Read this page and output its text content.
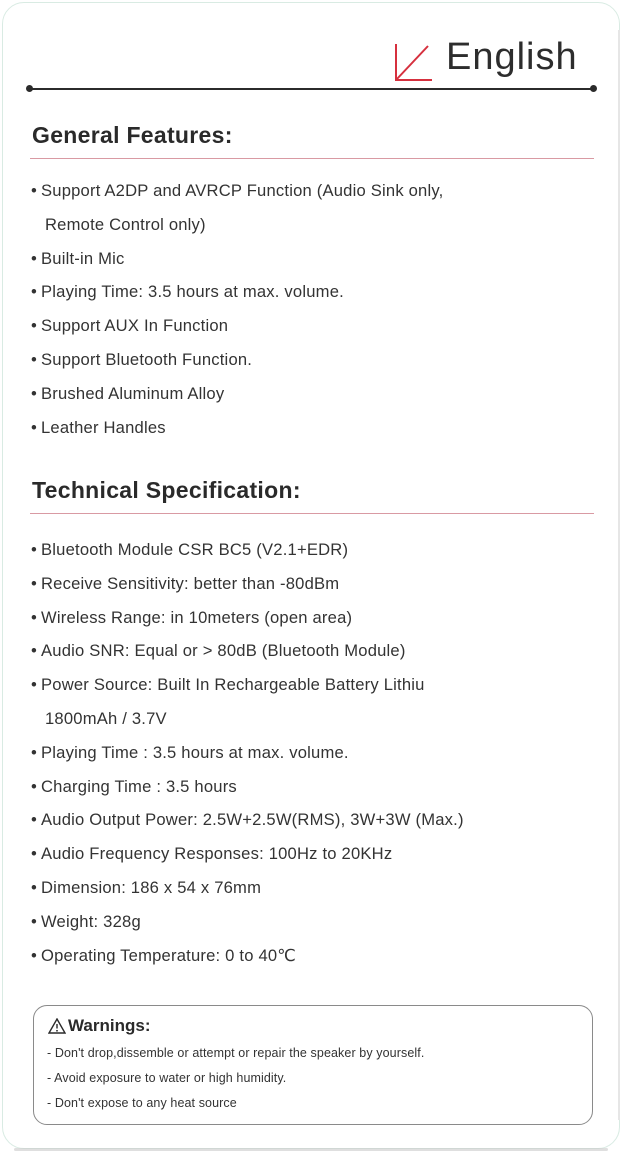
English
General Features:
• Support A2DP and AVRCP Function (Audio Sink only,
Remote Control only)
• Built-in Mic
• Playing Time: 3.5 hours at max. volume.
• Support AUX In Function
• Support Bluetooth Function.
• Brushed Aluminum Alloy
• Leather Handles
Technical Specification:
• Bluetooth Module CSR BC5 (V2.1+EDR)
• Receive Sensitivity: better than -80dBm
• Wireless Range: in 10meters (open area)
• Audio SNR: Equal or > 80dB (Bluetooth Module)
• Power Source: Built In Rechargeable Battery Lithiu
1800mAh / 3.7V
• Playing Time : 3.5 hours at max. volume.
• Charging Time : 3.5 hours
• Audio Output Power: 2.5W+2.5W(RMS), 3W+3W (Max.)
• Audio Frequency Responses: 100Hz to 20KHz
• Dimension: 186 x 54 x 76mm
• Weight: 328g
• Operating Temperature: 0 to 40℃
Warnings:
- Don't drop,dissemble or attempt or repair the speaker by yourself.
- Avoid exposure to water or high humidity.
- Don't expose to any heat source
